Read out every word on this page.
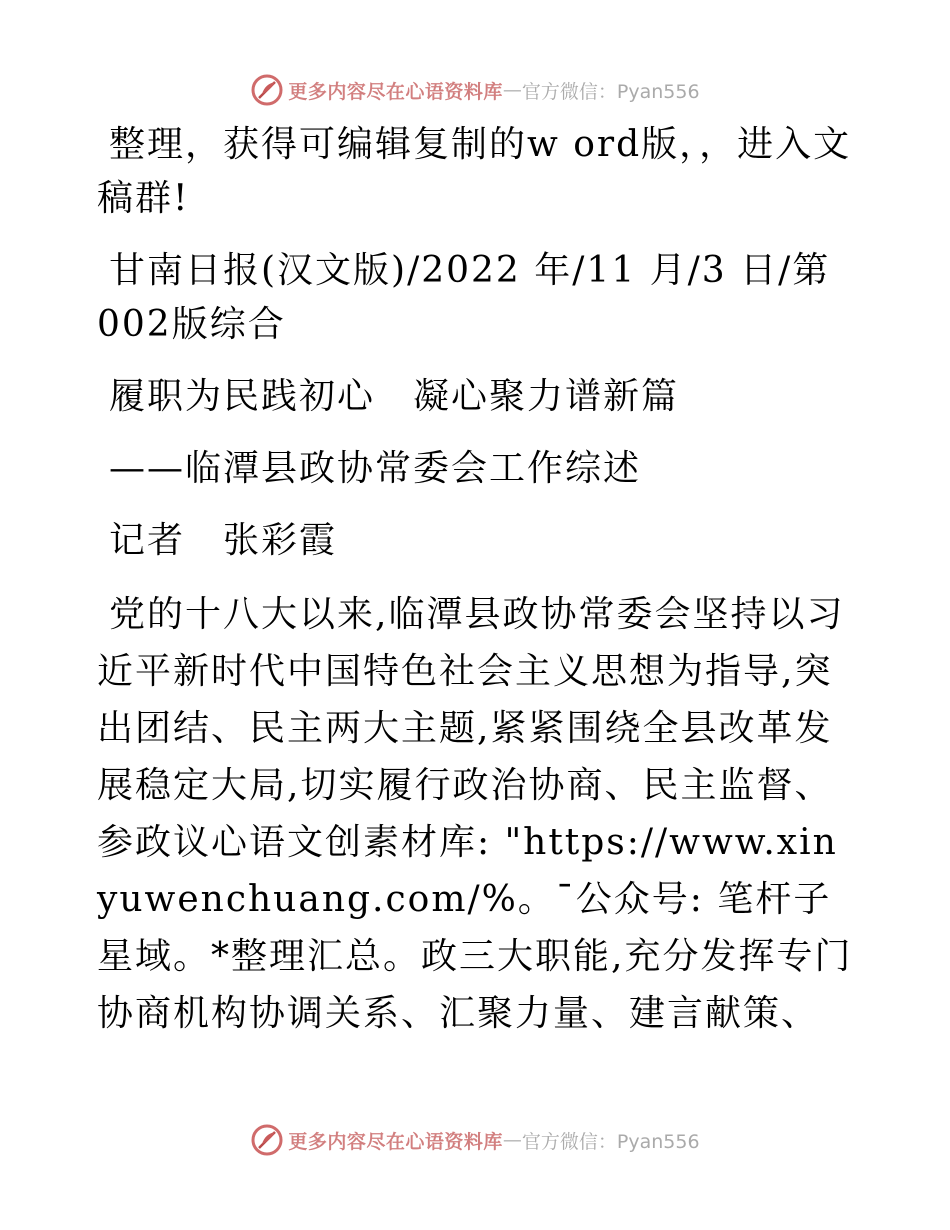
更多内容尽在心语资料库 — 官方微信：Pyan556

整理，获得可编辑复制的w ord版，，进入文稿群!

甘南日报(汉文版)/2022 年/11 月/3 日/第 002版综合

履职为民践初心　凝心聚力谱新篇

——临潭县政协常委会工作综述

记者　张彩霞

党的十八大以来,临潭县政协常委会坚持以习近平新时代中国特色社会主义思想为指导,突出团结、民主两大主题,紧紧围绕全县改革发展稳定大局,切实履行政治协商、民主监督、参政议心语文创素材库: "https://www.xinyuwenchuang.com/%。¯公众号: 笔杆子星域。*整理汇总。政三大职能,充分发挥专门协商机构协调关系、汇聚力量、建言献策、

更多内容尽在心语资料库 — 官方微信：Pyan556
